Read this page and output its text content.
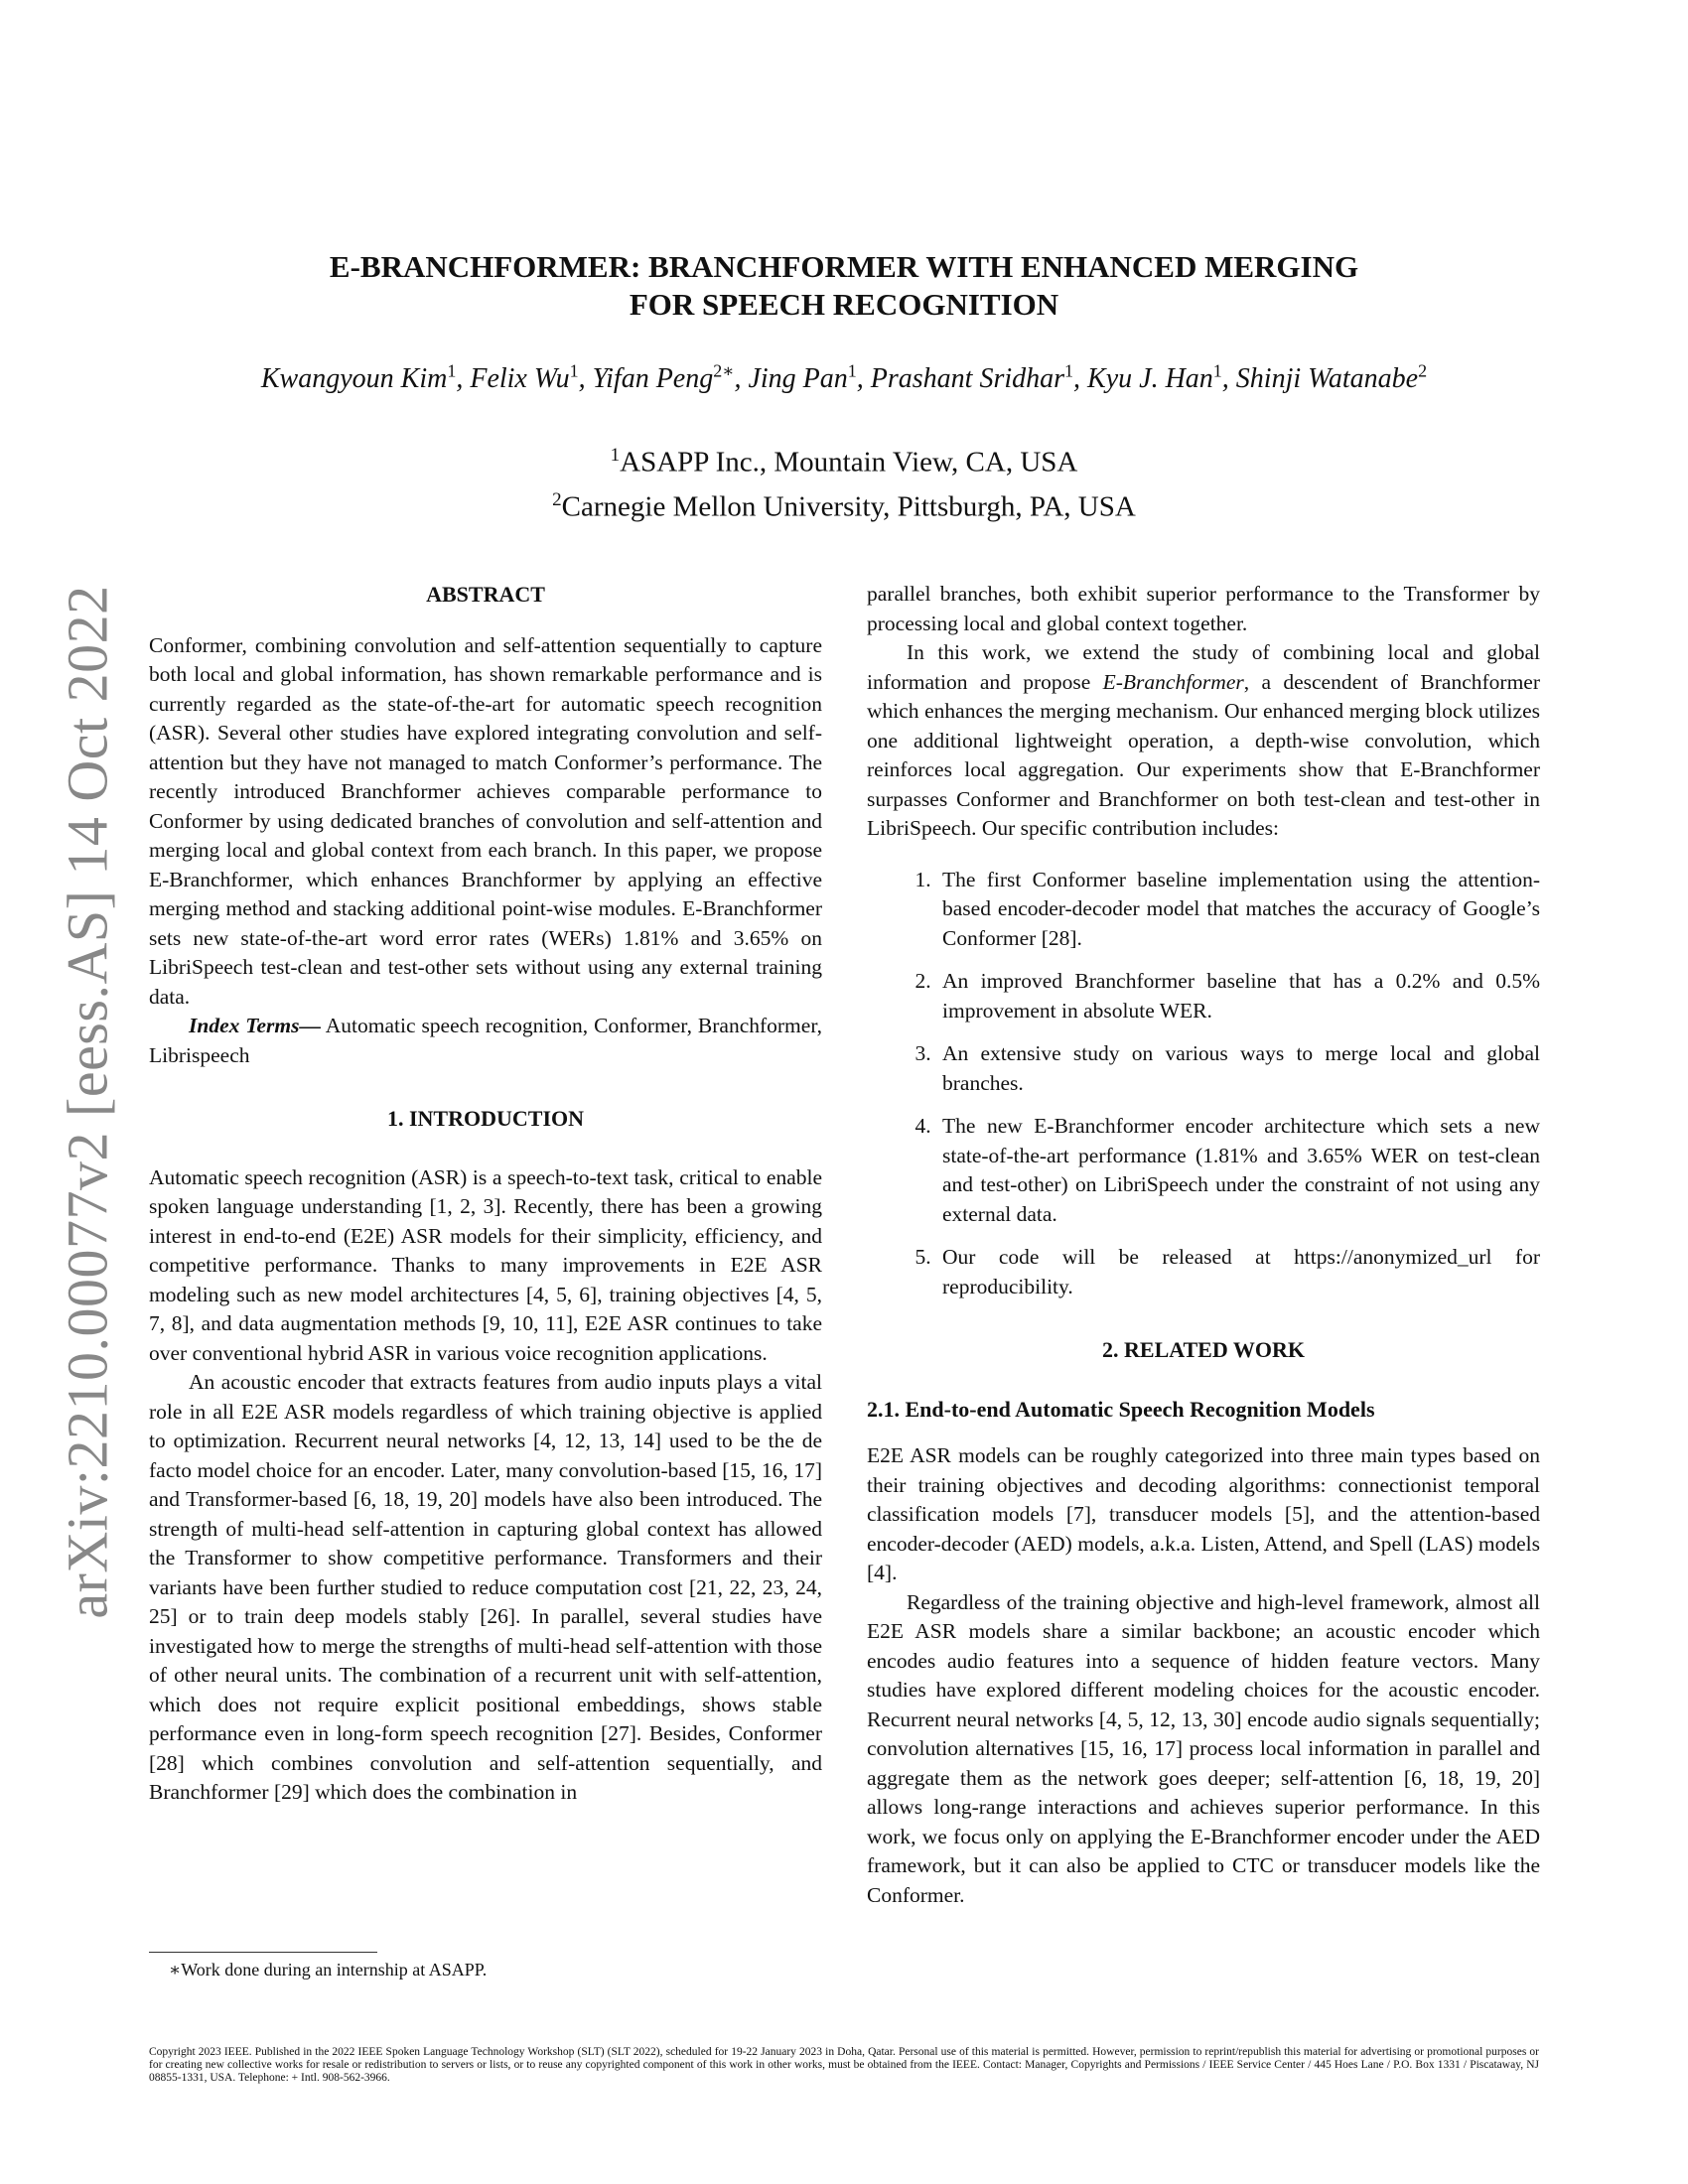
arXiv:2210.00077v2 [eess.AS] 14 Oct 2022
E-BRANCHFORMER: BRANCHFORMER WITH ENHANCED MERGING
FOR SPEECH RECOGNITION
Kwangyoun Kim$^1$, Felix Wu$^1$, Yifan Peng$^{2∗}$, Jing Pan$^1$, Prashant Sridhar$^1$, Kyu J. Han$^1$, Shinji Watanabe$^2$
$^1$ASAPP Inc., Mountain View, CA, USA
$^2$Carnegie Mellon University, Pittsburgh, PA, USA
ABSTRACT

Conformer, combining convolution and self-attention sequentially to capture both local and global information, has shown remarkable performance and is currently regarded as the state-of-the-art for automatic speech recognition (ASR). Several other studies have explored integrating convolution and self-attention but they have not managed to match Conformer’s performance. The recently introduced Branchformer achieves comparable performance to Conformer by using dedicated branches of convolution and self-attention and merging local and global context from each branch. In this paper, we propose E-Branchformer, which enhances Branchformer by applying an effective merging method and stacking additional point-wise modules. E-Branchformer sets new state-of-the-art word error rates (WERs) 1.81% and 3.65% on LibriSpeech test-clean and test-other sets without using any external training data.

Index Terms— Automatic speech recognition, Conformer, Branchformer, Librispeech

1. INTRODUCTION

Automatic speech recognition (ASR) is a speech-to-text task, critical to enable spoken language understanding [1, 2, 3]. Recently, there has been a growing interest in end-to-end (E2E) ASR models for their simplicity, efficiency, and competitive performance. Thanks to many improvements in E2E ASR modeling such as new model architectures [4, 5, 6], training objectives [4, 5, 7, 8], and data augmentation methods [9, 10, 11], E2E ASR continues to take over conventional hybrid ASR in various voice recognition applications.

An acoustic encoder that extracts features from audio inputs plays a vital role in all E2E ASR models regardless of which training objective is applied to optimization. Recurrent neural networks [4, 12, 13, 14] used to be the de facto model choice for an encoder. Later, many convolution-based [15, 16, 17] and Transformer-based [6, 18, 19, 20] models have also been introduced. The strength of multi-head self-attention in capturing global context has allowed the Transformer to show competitive performance. Transformers and their variants have been further studied to reduce computation cost [21, 22, 23, 24, 25] or to train deep models stably [26]. In parallel, several studies have investigated how to merge the strengths of multi-head self-attention with those of other neural units. The combination of a recurrent unit with self-attention, which does not require explicit positional embeddings, shows stable performance even in long-form speech recognition [27]. Besides, Conformer [28] which combines convolution and self-attention sequentially, and Branchformer [29] which does the combination in

parallel branches, both exhibit superior performance to the Transformer by processing local and global context together.

In this work, we extend the study of combining local and global information and propose E-Branchformer, a descendent of Branchformer which enhances the merging mechanism. Our enhanced merging block utilizes one additional lightweight operation, a depth-wise convolution, which reinforces local aggregation. Our experiments show that E-Branchformer surpasses Conformer and Branchformer on both test-clean and test-other in LibriSpeech. Our specific contribution includes:

1. The first Conformer baseline implementation using the attention-based encoder-decoder model that matches the accuracy of Google’s Conformer [28].
2. An improved Branchformer baseline that has a 0.2% and 0.5% improvement in absolute WER.
3. An extensive study on various ways to merge local and global branches.
4. The new E-Branchformer encoder architecture which sets a new state-of-the-art performance (1.81% and 3.65% WER on test-clean and test-other) on LibriSpeech under the constraint of not using any external data.
5. Our code will be released at https://anonymized_url for reproducibility.
2. RELATED WORK
2.1. End-to-end Automatic Speech Recognition Models

E2E ASR models can be roughly categorized into three main types based on their training objectives and decoding algorithms: connectionist temporal classification models [7], transducer models [5], and the attention-based encoder-decoder (AED) models, a.k.a. Listen, Attend, and Spell (LAS) models [4].

Regardless of the training objective and high-level framework, almost all E2E ASR models share a similar backbone; an acoustic encoder which encodes audio features into a sequence of hidden feature vectors. Many studies have explored different modeling choices for the acoustic encoder. Recurrent neural networks [4, 5, 12, 13, 30] encode audio signals sequentially; convolution alternatives [15, 16, 17] process local information in parallel and aggregate them as the network goes deeper; self-attention [6, 18, 19, 20] allows long-range interactions and achieves superior performance. In this work, we focus only on applying the E-Branchformer encoder under the AED framework, but it can also be applied to CTC or transducer models like the Conformer.

∗Work done during an internship at ASAPP.
Copyright 2023 IEEE. Published in the 2022 IEEE Spoken Language Technology Workshop (SLT) (SLT 2022), scheduled for 19-22 January 2023 in Doha, Qatar. Personal use of this material is permitted. However, permission to reprint/republish this material for advertising or promotional purposes or for creating new collective works for resale or redistribution to servers or lists, or to reuse any copyrighted component of this work in other works, must be obtained from the IEEE. Contact: Manager, Copyrights and Permissions / IEEE Service Center / 445 Hoes Lane / P.O. Box 1331 / Piscataway, NJ 08855-1331, USA. Telephone: + Intl. 908-562-3966.
